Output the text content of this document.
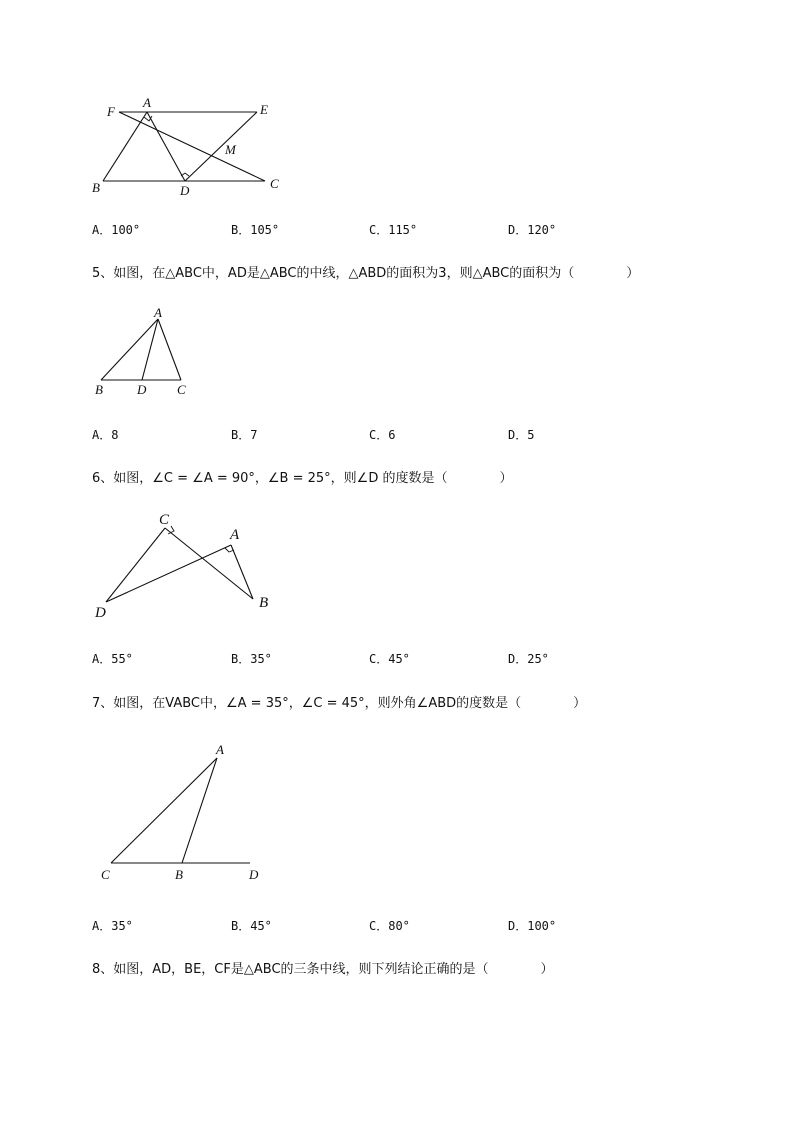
F
A	E
M
B	D	C
A．100°	B．105°	C．115°	D．120°
5、如图，在△ABC中，AD是△ABC的中线，△ABD的面积为3，则△ABC的面积为（　　　　）
A
B	D C
A．8	B．7	C．6	D．5
6、如图，∠C = ∠A = 90°，∠B = 25°，则∠D 的度数是（　　　　）
C
A
B
D
A．55°	B．35°	C．45°	D．25°
7、如图，在VABC中，∠A = 35°，∠C = 45°，则外角∠ABD的度数是（　　　　）
A
C	B	D
A．35°	B．45°	C．80°	D．100°
8、如图，AD，BE，CF是△ABC的三条中线，则下列结论正确的是（　　　　）
